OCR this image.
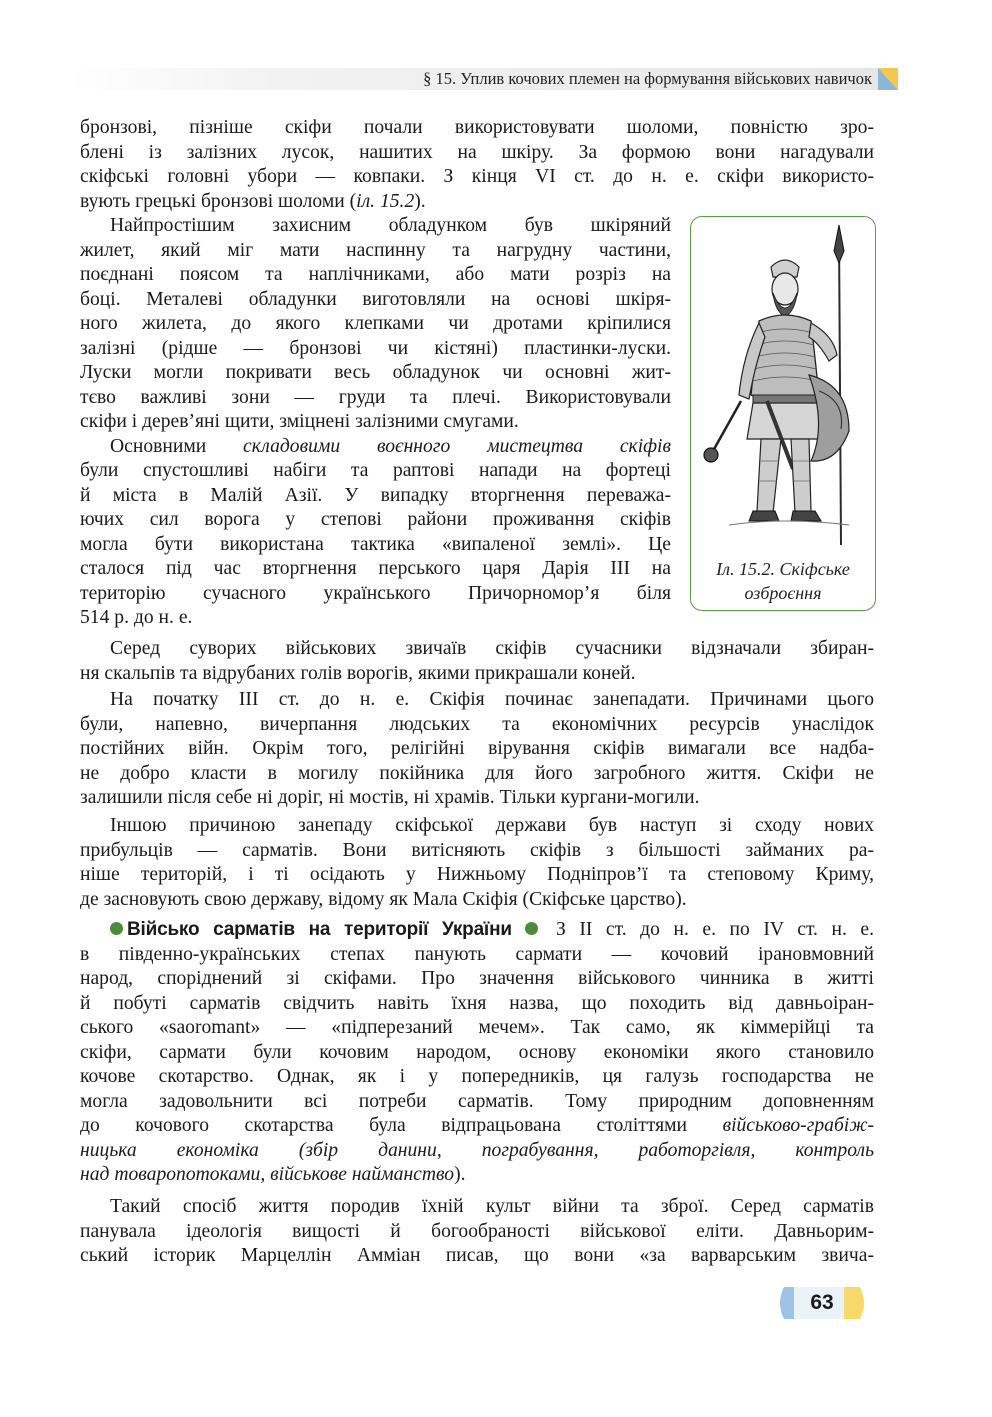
§ 15. Уплив кочових племен на формування військових навичок

бронзові, пізніше скіфи почали використовувати шоломи, повністю зро-

блені із залізних лусок, нашитих на шкіру. За формою вони нагадували

скіфські головні убори — ковпаки. З кінця VI ст. до н. е. скіфи використо-

вують грецькі бронзові шоломи (іл. 15.2).

Найпростішим захисним обладунком був шкіряний

жилет, який міг мати наспинну та нагрудну частини,

поєднані поясом та наплічниками, або мати розріз на

боці. Металеві обладунки виготовляли на основі шкіря-

ного жилета, до якого клепками чи дротами кріпилися

залізні (рідше — бронзові чи кістяні) пластинки-луски.

Луски могли покривати весь обладунок чи основні жит-

тєво важливі зони — груди та плечі. Використовували

скіфи і дерев’яні щити, зміцнені залізними смугами.

Основними складовими воєнного мистецтва скіфів

були спустошливі набіги та раптові напади на фортеці

й міста в Малій Азії. У випадку вторгнення переважа-

ючих сил ворога у степові райони проживання скіфів

могла бути використана тактика «випаленої землі». Це

сталося під час вторгнення перського царя Дарія III на

територію сучасного українського Причорномор’я біля

514 р. до н. е.

Іл. 15.2. Скіфське
озброєння

Серед суворих військових звичаїв скіфів сучасники відзначали збиран-

ня скальпів та відрубаних голів ворогів, якими прикрашали коней.

На початку III ст. до н. е. Скіфія починає занепадати. Причинами цього

були, напевно, вичерпання людських та економічних ресурсів унаслідок

постійних війн. Окрім того, релігійні вірування скіфів вимагали все надба-

не добро класти в могилу покійника для його загробного життя. Скіфи не

залишили після себе ні доріг, ні мостів, ні храмів. Тільки кургани-могили.

Іншою причиною занепаду скіфської держави був наступ зі сходу нових

прибульців — сарматів. Вони витісняють скіфів з більшості займаних ра-

ніше територій, і ті осідають у Нижньому Подніпров’ї та степовому Криму,

де засновують свою державу, відому як Мала Скіфія (Скіфське царство).

Військо сарматів на території України  З II ст. до н. е. по IV ст. н. е.

в південно-українських степах панують сармати — кочовий ірановмовний

народ, споріднений зі скіфами. Про значення військового чинника в житті

й побуті сарматів свідчить навіть їхня назва, що походить від давньоіран-

ського «saoromant» — «підперезаний мечем». Так само, як кіммерійці та

скіфи, сармати були кочовим народом, основу економіки якого становило

кочове скотарство. Однак, як і у попередників, ця галузь господарства не

могла задовольнити всі потреби сарматів. Тому природним доповненням

до кочового скотарства була відпрацьована століттями військово-грабіж-

ницька економіка (збір данини, пограбування, работоргівля, контроль

над товаропотоками, військове найманство).

Такий спосіб життя породив їхній культ війни та зброї. Серед сарматів

панувала ідеологія вищості й богообраності військової еліти. Давньорим-

ський історик Марцеллін Амміан писав, що вони «за варварським звича-

63
